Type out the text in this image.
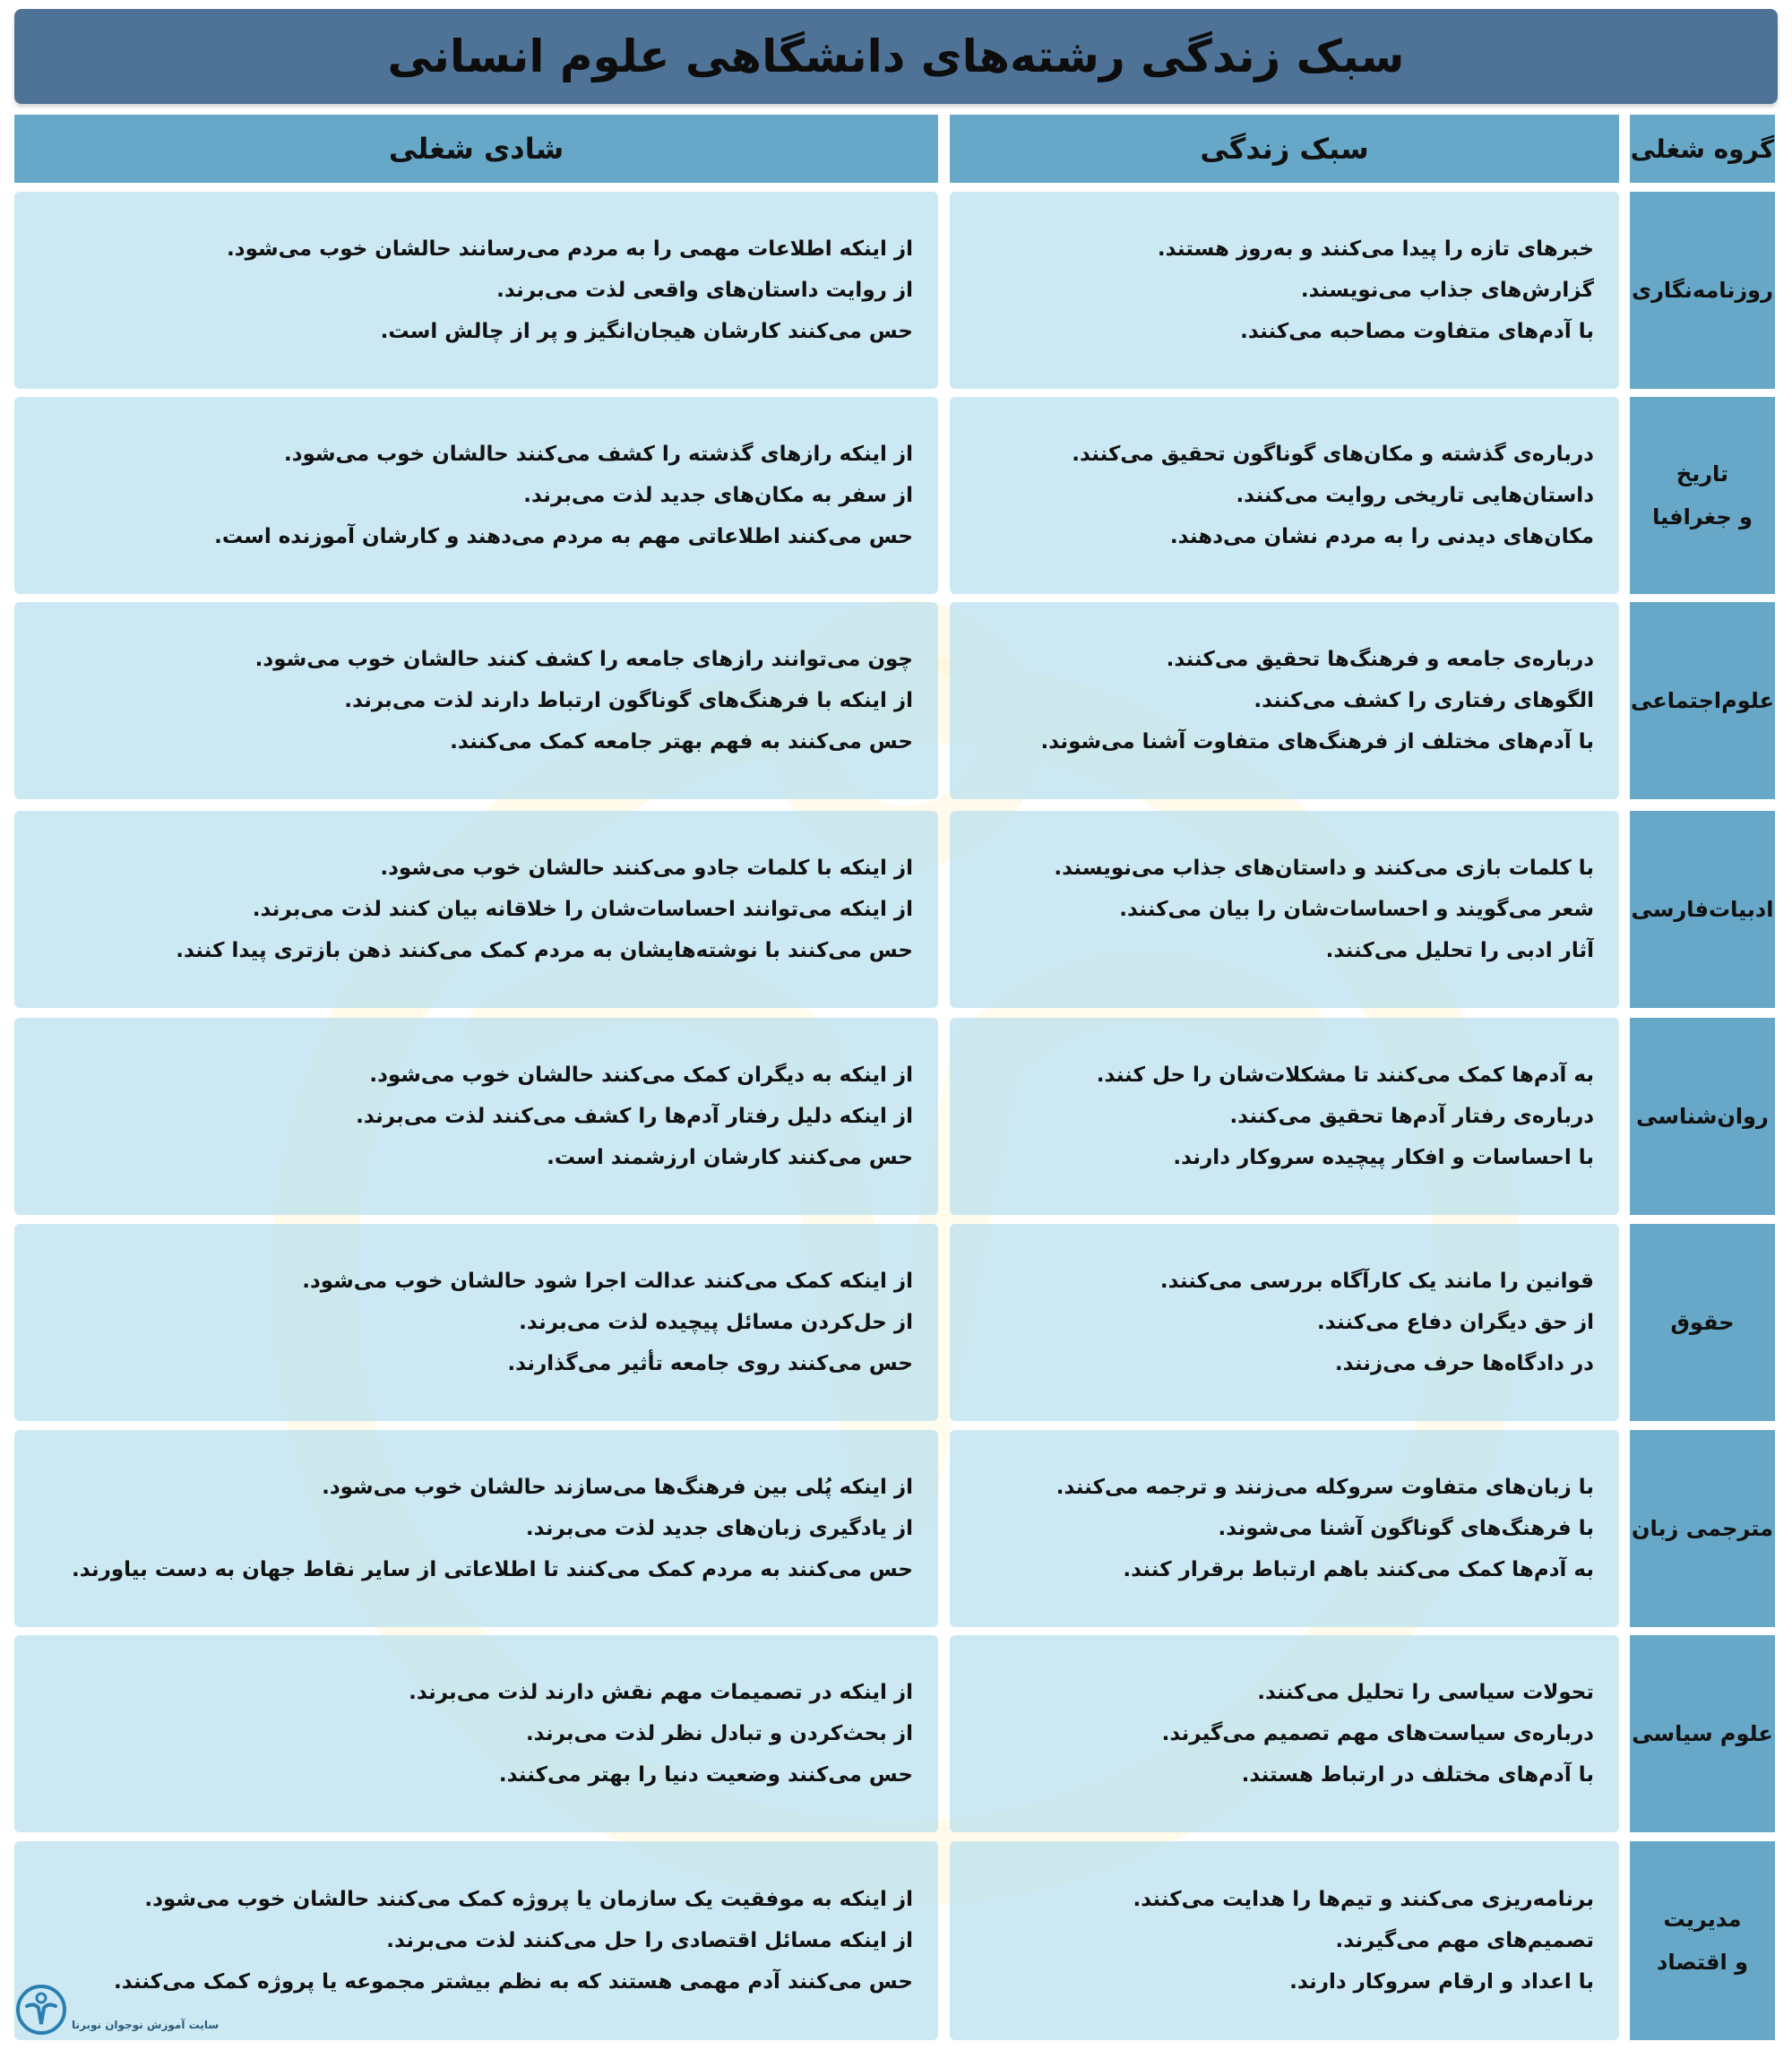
سبک زندگی رشته‌های دانشگاهی علوم انسانی
گروه شغلی
سبک زندگی
شادی شغلی
روزنامه‌نگاری
خبرهای تازه را پیدا می‌کنند و به‌روز هستند.
گزارش‌های جذاب می‌نویسند.
با آدم‌های متفاوت مصاحبه می‌کنند.
از اینکه اطلاعات مهمی را به مردم می‌رسانند حالشان خوب می‌شود.
از روایت داستان‌های واقعی لذت می‌برند.
حس می‌کنند کارشان هیجان‌انگیز و پر از چالش است.
تاریخ
و جغرافیا
درباره‌ی گذشته و مکان‌های گوناگون تحقیق می‌کنند.
داستان‌هایی تاریخی روایت می‌کنند.
مکان‌های دیدنی را به مردم نشان می‌دهند.
از اینکه رازهای گذشته را کشف می‌کنند حالشان خوب می‌شود.
از سفر به مکان‌های جدید لذت می‌برند.
حس می‌کنند اطلاعاتی مهم به مردم می‌دهند و کارشان آموزنده است.
علوم‌اجتماعی
درباره‌ی جامعه و فرهنگ‌ها تحقیق می‌کنند.
الگوهای رفتاری را کشف می‌کنند.
با آدم‌های مختلف از فرهنگ‌های متفاوت آشنا می‌شوند.
چون می‌توانند رازهای جامعه را کشف کنند حالشان خوب می‌شود.
از اینکه با فرهنگ‌های گوناگون ارتباط دارند لذت می‌برند.
حس می‌کنند به فهم بهتر جامعه کمک می‌کنند.
ادبیات‌فارسی
با کلمات بازی می‌کنند و داستان‌های جذاب می‌نویسند.
شعر می‌گویند و احساسات‌شان را بیان می‌کنند.
آثار ادبی را تحلیل می‌کنند.
از اینکه با کلمات جادو می‌کنند حالشان خوب می‌شود.
از اینکه می‌توانند احساسات‌شان را خلاقانه بیان کنند لذت می‌برند.
حس می‌کنند با نوشته‌هایشان به مردم کمک می‌کنند ذهن بازتری پیدا کنند.
روان‌شناسی
به آدم‌ها کمک می‌کنند تا مشکلات‌شان را حل کنند.
درباره‌ی رفتار آدم‌ها تحقیق می‌کنند.
با احساسات و افکار پیچیده سروکار دارند.
از اینکه به دیگران کمک می‌کنند حالشان خوب می‌شود.
از اینکه دلیل رفتار آدم‌ها را کشف می‌کنند لذت می‌برند.
حس می‌کنند کارشان ارزشمند است.
حقوق
قوانین را مانند یک کارآگاه بررسی می‌کنند.
از حق دیگران دفاع می‌کنند.
در دادگاه‌ها حرف می‌زنند.
از اینکه کمک می‌کنند عدالت اجرا شود حالشان خوب می‌شود.
از حل‌کردن مسائل پیچیده لذت می‌برند.
حس می‌کنند روی جامعه تأثیر می‌گذارند.
مترجمی زبان
با زبان‌های متفاوت سروکله می‌زنند و ترجمه می‌کنند.
با فرهنگ‌های گوناگون آشنا می‌شوند.
به آدم‌ها کمک می‌کنند باهم ارتباط برقرار کنند.
از اینکه پُلی بین فرهنگ‌ها می‌سازند حالشان خوب می‌شود.
از یادگیری زبان‌های جدید لذت می‌برند.
حس می‌کنند به مردم کمک می‌کنند تا اطلاعاتی از سایر نقاط جهان به دست بیاورند.
علوم سیاسی
تحولات سیاسی را تحلیل می‌کنند.
درباره‌ی سیاست‌های مهم تصمیم می‌گیرند.
با آدم‌های مختلف در ارتباط هستند.
از اینکه در تصمیمات مهم نقش دارند لذت می‌برند.
از بحث‌کردن و تبادل نظر لذت می‌برند.
حس می‌کنند وضعیت دنیا را بهتر می‌کنند.
مدیریت
و اقتصاد
برنامه‌ریزی می‌کنند و تیم‌ها را هدایت می‌کنند.
تصمیم‌های مهم می‌گیرند.
با اعداد و ارقام سروکار دارند.
از اینکه به موفقیت یک سازمان یا پروژه کمک می‌کنند حالشان خوب می‌شود.
از اینکه مسائل اقتصادی را حل می‌کنند لذت می‌برند.
حس می‌کنند آدم مهمی هستند که به نظم بیشتر مجموعه یا پروژه کمک می‌کنند.
سایت آموزش نوجوان نوبرنا
